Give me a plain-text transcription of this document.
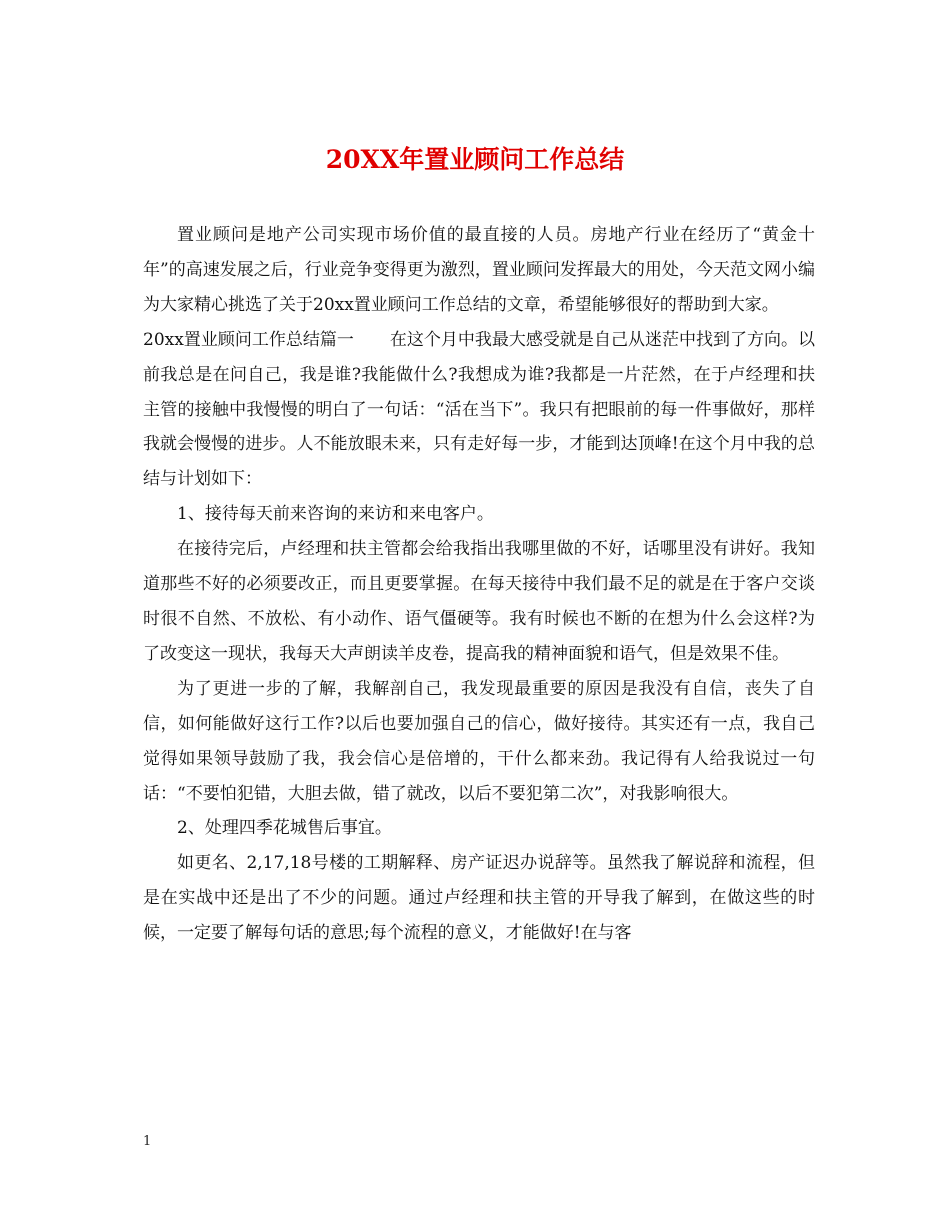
20XX年置业顾问工作总结

置业顾问是地产公司实现市场价值的最直接的人员。房地产行业在经历了“黄金十年”的高速发展之后，行业竞争变得更为激烈，置业顾问发挥最大的用处，今天范文网小编为大家精心挑选了关于20xx置业顾问工作总结的文章，希望能够很好的帮助到大家。

20xx置业顾问工作总结篇一 在这个月中我最大感受就是自己从迷茫中找到了方向。以前我总是在问自己，我是谁?我能做什么?我想成为谁?我都是一片茫然，在于卢经理和扶主管的接触中我慢慢的明白了一句话：“活在当下”。我只有把眼前的每一件事做好，那样我就会慢慢的进步。人不能放眼未来，只有走好每一步，才能到达顶峰!在这个月中我的总结与计划如下：

1、接待每天前来咨询的来访和来电客户。

在接待完后，卢经理和扶主管都会给我指出我哪里做的不好，话哪里没有讲好。我知道那些不好的必须要改正，而且更要掌握。在每天接待中我们最不足的就是在于客户交谈时很不自然、不放松、有小动作、语气僵硬等。我有时候也不断的在想为什么会这样?为了改变这一现状，我每天大声朗读羊皮卷，提高我的精神面貌和语气，但是效果不佳。

为了更进一步的了解，我解剖自己，我发现最重要的原因是我没有自信，丧失了自信，如何能做好这行工作?以后也要加强自己的信心，做好接待。其实还有一点，我自己觉得如果领导鼓励了我，我会信心是倍增的，干什么都来劲。我记得有人给我说过一句话：“不要怕犯错，大胆去做，错了就改，以后不要犯第二次”，对我影响很大。

2、处理四季花城售后事宜。

如更名、2,17,18号楼的工期解释、房产证迟办说辞等。虽然我了解说辞和流程，但是在实战中还是出了不少的问题。通过卢经理和扶主管的开导我了解到，在做这些的时候，一定要了解每句话的意思;每个流程的意义，才能做好!在与客

1
